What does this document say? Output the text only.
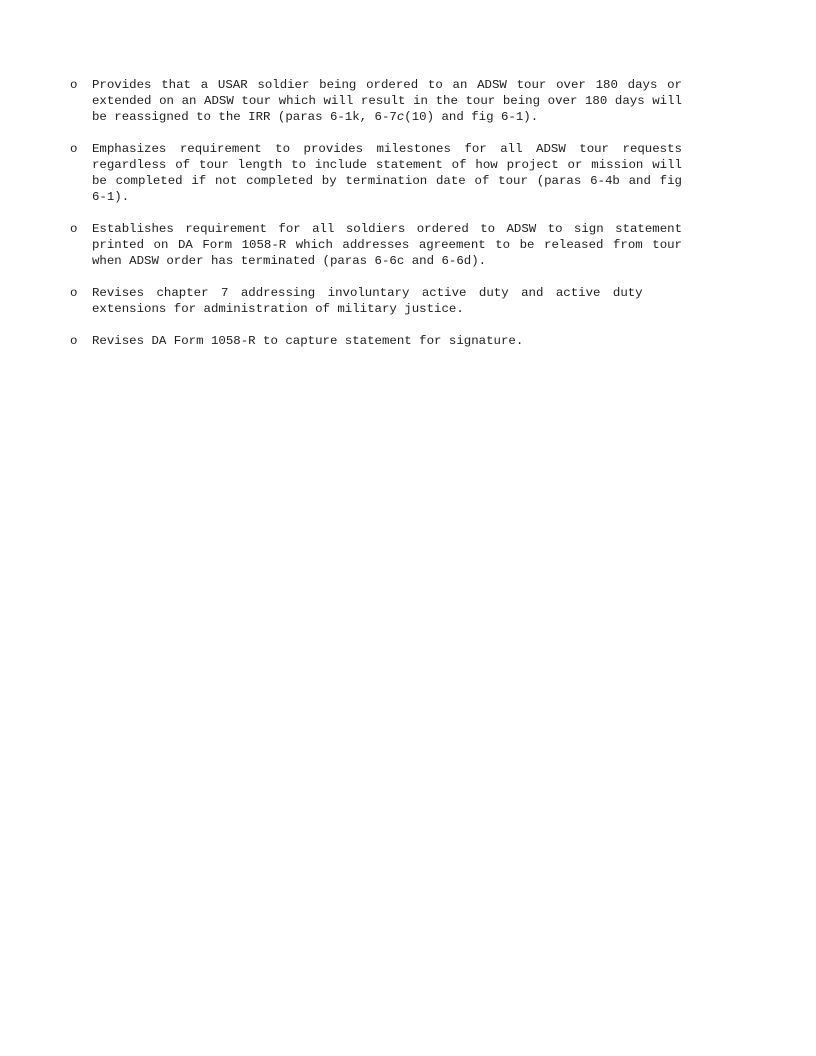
o	Provides that a USAR soldier being ordered to an ADSW tour over 180 days or
extended on an ADSW tour which will result in the tour being over 180 days will
be reassigned to the IRR (paras 6-1k, 6-7c(10) and fig 6-1).
o	Emphasizes requirement to provides milestones for all ADSW tour requests
regardless of tour length to include statement of how project or mission will
be completed if not completed by termination date of tour (paras 6-4b and fig
6-1).
o	Establishes requirement for all soldiers ordered to ADSW to sign statement
printed on DA Form 1058-R which addresses agreement to be released from tour
when ADSW order has terminated (paras 6-6c and 6-6d).
o	Revises chapter 7 addressing involuntary active duty and active duty
extensions for administration of military justice.
o	Revises DA Form 1058-R to capture statement for signature.
